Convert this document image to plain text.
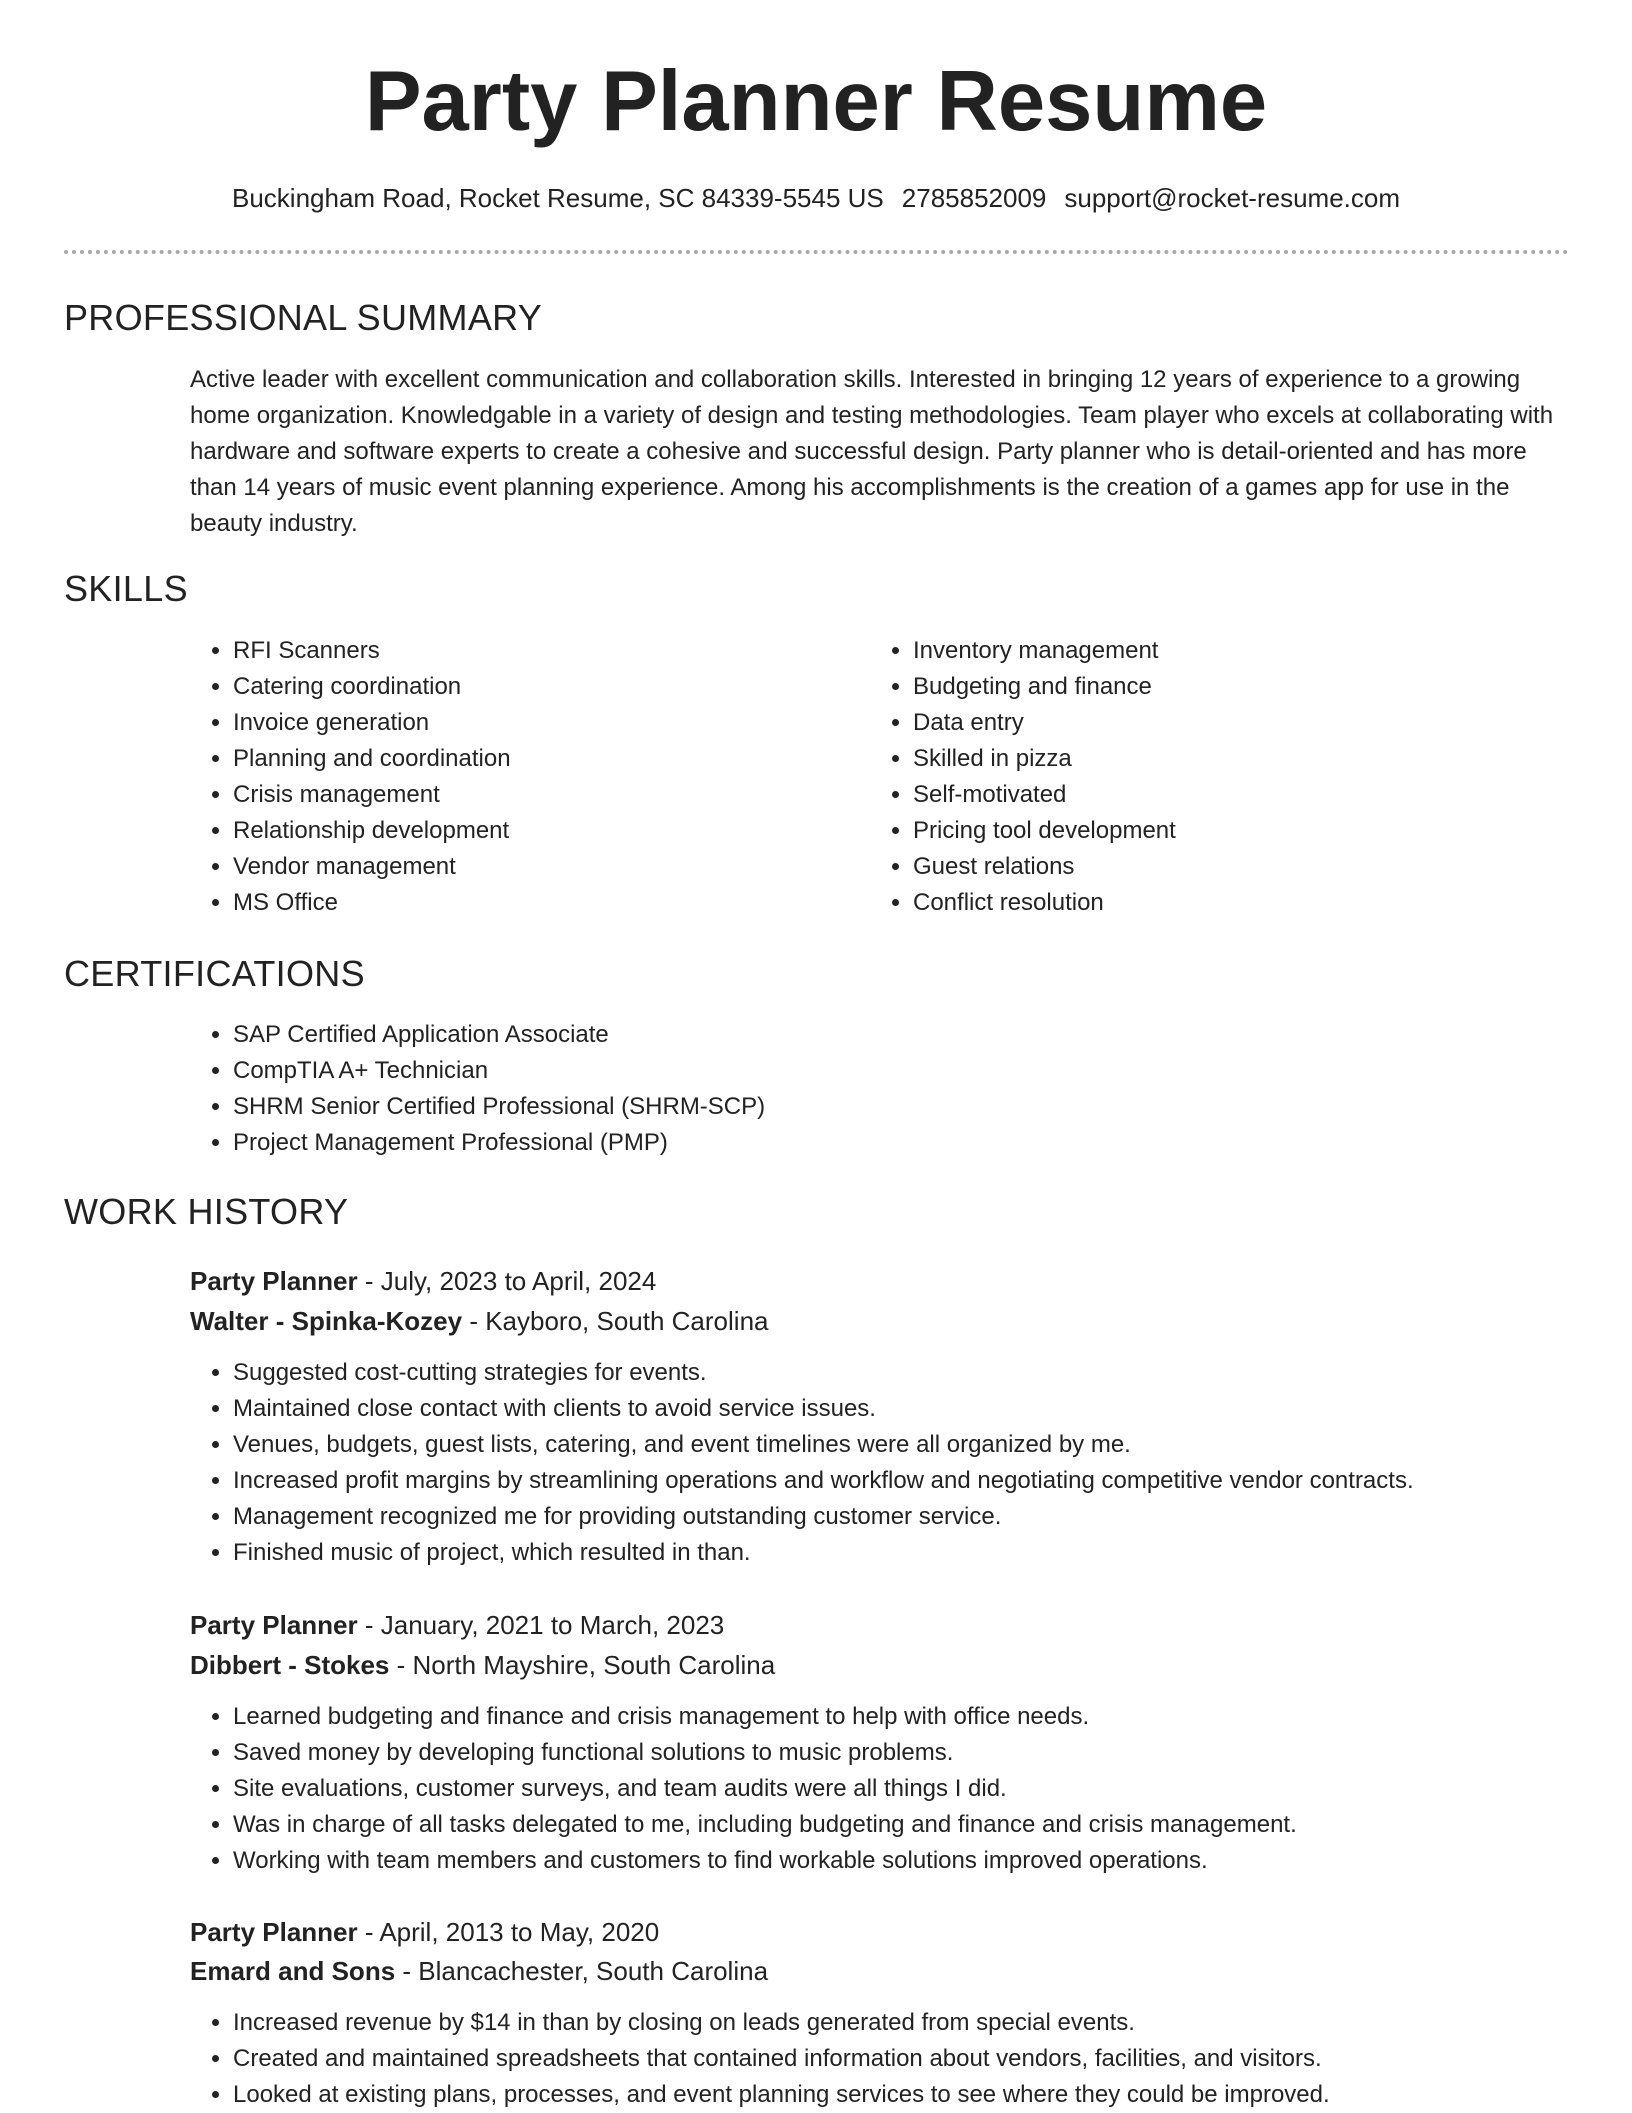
Party Planner Resume
Buckingham Road, Rocket Resume, SC 84339-5545 US 2785852009 support@rocket-resume.com
PROFESSIONAL SUMMARY

Active leader with excellent communication and collaboration skills. Interested in bringing 12 years of experience to a growing home organization. Knowledgable in a variety of design and testing methodologies. Team player who excels at collaborating with hardware and software experts to create a cohesive and successful design. Party planner who is detail-oriented and has more than 14 years of music event planning experience. Among his accomplishments is the creation of a games app for use in the beauty industry.

SKILLS
• RFI Scanners
• Catering coordination
• Invoice generation
• Planning and coordination
• Crisis management
• Relationship development
• Vendor management
• MS Office
• Inventory management
• Budgeting and finance
• Data entry
• Skilled in pizza
• Self-motivated
• Pricing tool development
• Guest relations
• Conflict resolution
CERTIFICATIONS
• SAP Certified Application Associate
• CompTIA A+ Technician
• SHRM Senior Certified Professional (SHRM-SCP)
• Project Management Professional (PMP)
WORK HISTORY
Party Planner - July, 2023 to April, 2024
Walter - Spinka-Kozey - Kayboro, South Carolina
• Suggested cost-cutting strategies for events.
• Maintained close contact with clients to avoid service issues.
• Venues, budgets, guest lists, catering, and event timelines were all organized by me.
• Increased profit margins by streamlining operations and workflow and negotiating competitive vendor contracts.
• Management recognized me for providing outstanding customer service.
• Finished music of project, which resulted in than.
Party Planner - January, 2021 to March, 2023
Dibbert - Stokes - North Mayshire, South Carolina
• Learned budgeting and finance and crisis management to help with office needs.
• Saved money by developing functional solutions to music problems.
• Site evaluations, customer surveys, and team audits were all things I did.
• Was in charge of all tasks delegated to me, including budgeting and finance and crisis management.
• Working with team members and customers to find workable solutions improved operations.
Party Planner - April, 2013 to May, 2020
Emard and Sons - Blancachester, South Carolina
• Increased revenue by $14 in than by closing on leads generated from special events.
• Created and maintained spreadsheets that contained information about vendors, facilities, and visitors.
• Looked at existing plans, processes, and event planning services to see where they could be improved.
